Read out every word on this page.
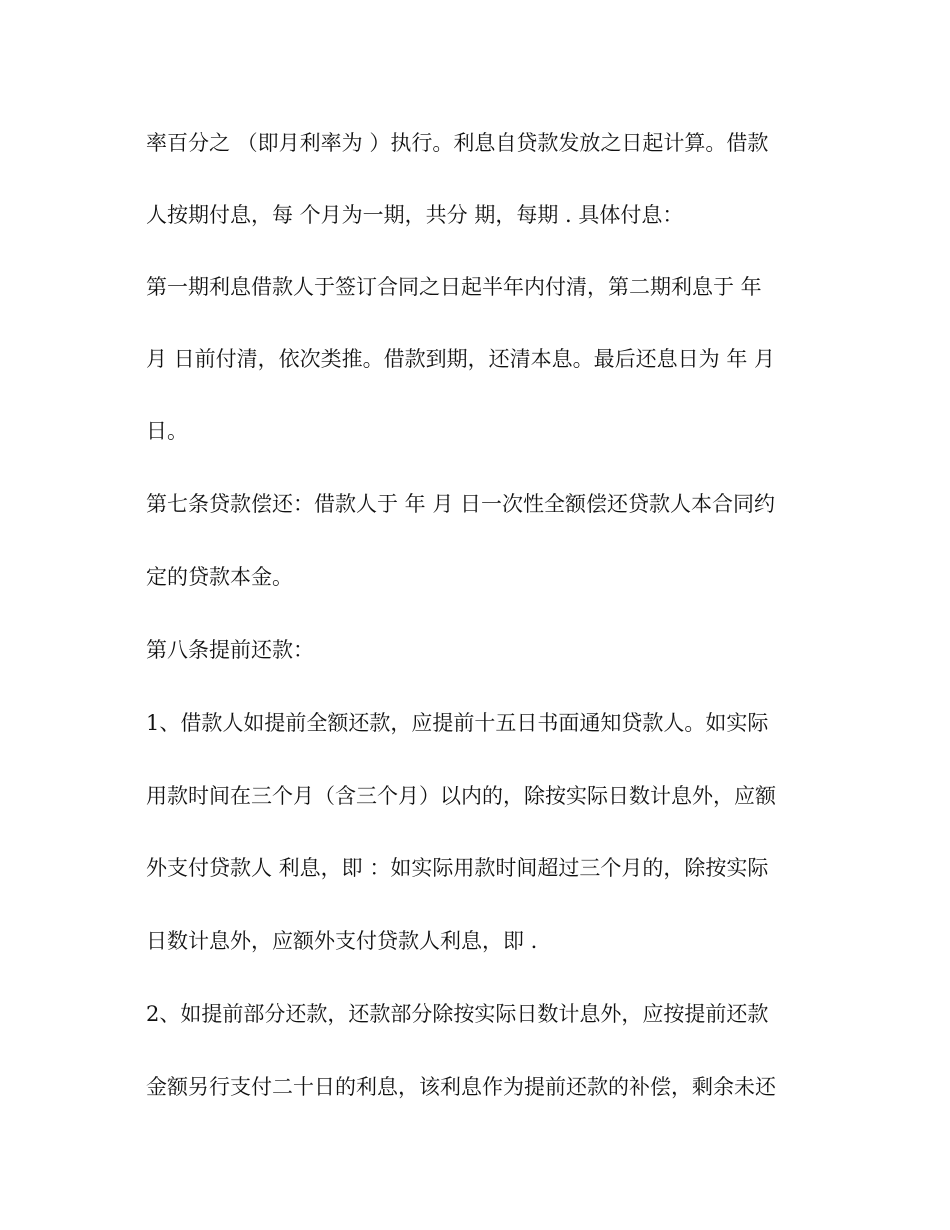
率百分之 （即月利率为 ）执行。利息自贷款发放之日起计算。借款
人按期付息，每 个月为一期，共分 期，每期 . 具体付息：
第一期利息借款人于签订合同之日起半年内付清，第二期利息于 年
月 日前付清，依次类推。借款到期，还清本息。最后还息日为 年 月
日。
第七条贷款偿还：借款人于 年 月 日一次性全额偿还贷款人本合同约
定的贷款本金。
第八条提前还款：
1、借款人如提前全额还款，应提前十五日书面通知贷款人。如实际
用款时间在三个月（含三个月）以内的，除按实际日数计息外，应额
外支付贷款人 利息，即 ：如实际用款时间超过三个月的，除按实际
日数计息外，应额外支付贷款人利息，即 .
2、如提前部分还款，还款部分除按实际日数计息外，应按提前还款
金额另行支付二十日的利息，该利息作为提前还款的补偿，剩余未还
